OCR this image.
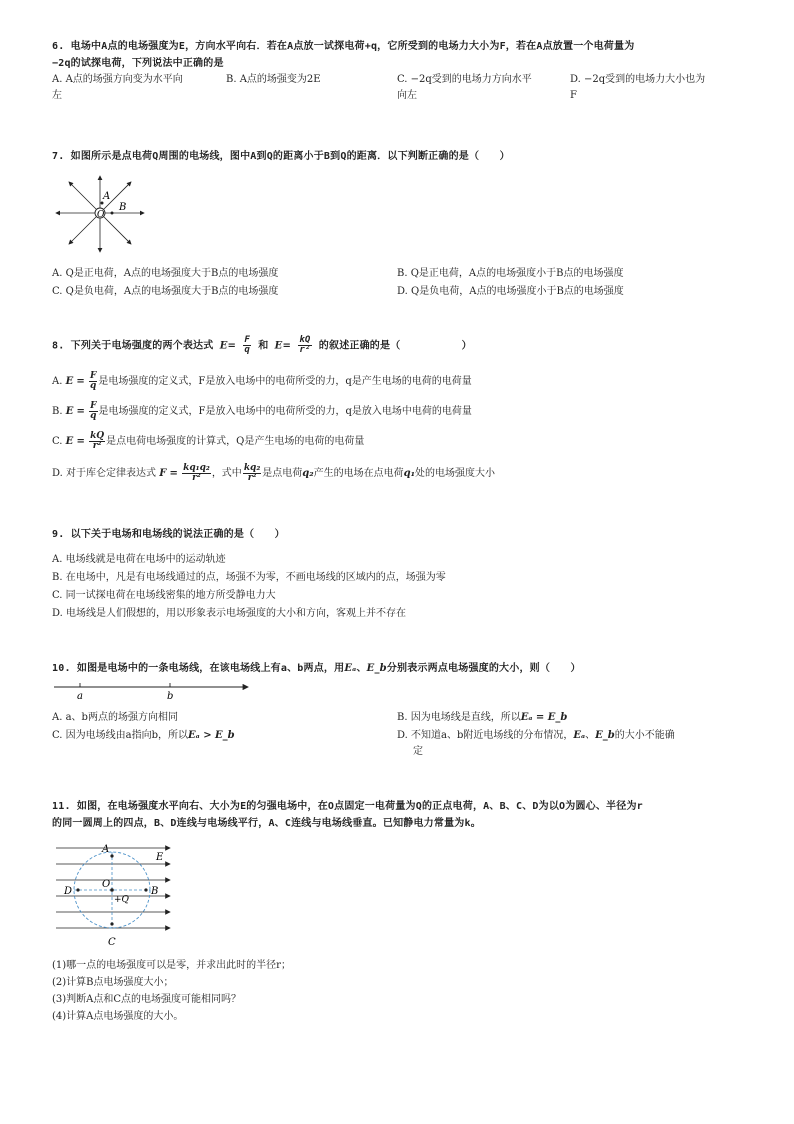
6. 电场中A点的电场强度为E，方向水平向右．若在A点放一试探电荷+q，它所受到的电场力大小为F，若在A点放置一个电荷量为
−2q的试探电荷，下列说法中正确的是
A. A点的场强方向变为水平向
左
B. A点的场强变为2E	C. −2q受到的电场力方向水平
向左
D. −2q受到的电场力大小也为
F
7. 如图所示是点电荷Q周围的电场线，图中A到Q的距离小于B到Q的距离．以下判断正确的是（　　）
O
A
B
A. Q是正电荷，A点的电场强度大于B点的电场强度	B. Q是正电荷，A点的电场强度小于B点的电场强度
C. Q是负电荷，A点的电场强度大于B点的电场强度	D. Q是负电荷，A点的电场强度小于B点的电场强度
8. 下列关于电场强度的两个表达式 $E= \frac{F}{q}$ 和 $E= \frac{kQ}{\text{r²}}$ 的叙述正确的是（　　　　　　）
A. $E = \frac{F}{q}$ 是电场强度的定义式，F是放入电场中的电荷所受的力，q是产生电场的电荷的电荷量
B. $E = \frac{F}{q}$ 是电场强度的定义式，F是放入电场中的电荷所受的力，q是放入电场中电荷的电荷量
C. $E = \frac{kQ}{\text{r²}}$ 是点电荷电场强度的计算式，Q是产生电场的电荷的电荷量
D. 对于库仑定律表达式 $F = \frac{\text{kq₁q₂}}{\text{r²}}$ ，式中 $\frac{\text{kq₂}}{\text{r²}}$ 是点电荷q₂产生的电场在点电荷q₁处的电场强度大小
9. 以下关于电场和电场线的说法正确的是（　　）
A. 电场线就是电荷在电场中的运动轨迹
B. 在电场中，凡是有电场线通过的点，场强不为零，不画电场线的区域内的点，场强为零
C. 同一试探电荷在电场线密集的地方所受静电力大
D. 电场线是人们假想的，用以形象表示电场强度的大小和方向，客观上并不存在
10. 如图是电场中的一条电场线，在该电场线上有a、b两点，用Eₐ、E_b分别表示两点电场强度的大小，则（　　）
a	b
A. a、b两点的场强方向相同	B. 因为电场线是直线，所以Eₐ = E_b
C. 因为电场线由a指向b，所以Eₐ > E_b	D. 不知道a、b附近电场线的分布情况，Eₐ、E_b的大小不能确
定
11. 如图，在电场强度水平向右、大小为E的匀强电场中，在O点固定一电荷量为Q的正点电荷，A、B、C、D为以O为圆心、半径为r
的同一圆周上的四点，B、D连线与电场线平行，A、C连线与电场线垂直。已知静电力常量为k。
A
E
D	B
O
+Q
C
(1)哪一点的电场强度可以是零，并求出此时的半径r；
(2)计算B点电场强度大小；
(3)判断A点和C点的电场强度可能相同吗？
(4)计算A点电场强度的大小。
